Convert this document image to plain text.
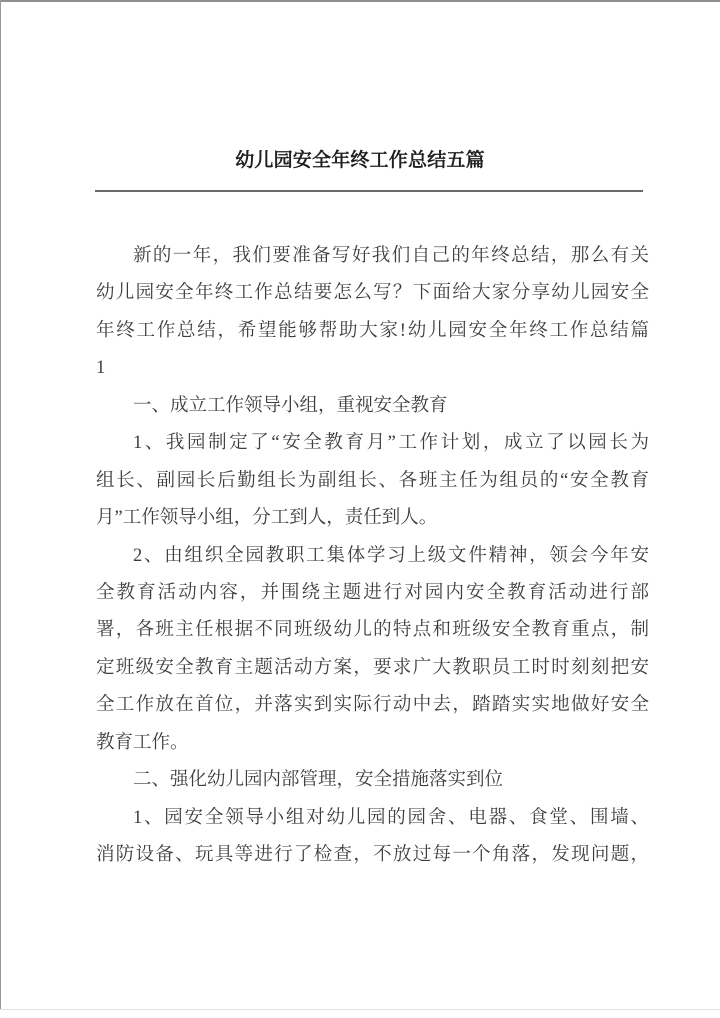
幼儿园安全年终工作总结五篇
新的一年，我们要准备写好我们自己的年终总结，那么有关
幼儿园安全年终工作总结要怎么写？下面给大家分享幼儿园安全
年终工作总结，希望能够帮助大家!幼儿园安全年终工作总结篇
1
一、成立工作领导小组，重视安全教育
1、我园制定了“安全教育月”工作计划，成立了以园长为
组长、副园长后勤组长为副组长、各班主任为组员的“安全教育
月”工作领导小组，分工到人，责任到人。
2、由组织全园教职工集体学习上级文件精神，领会今年安
全教育活动内容，并围绕主题进行对园内安全教育活动进行部
署，各班主任根据不同班级幼儿的特点和班级安全教育重点，制
定班级安全教育主题活动方案，要求广大教职员工时时刻刻把安
全工作放在首位，并落实到实际行动中去，踏踏实实地做好安全
教育工作。
二、强化幼儿园内部管理，安全措施落实到位
1、园安全领导小组对幼儿园的园舍、电器、食堂、围墙、
消防设备、玩具等进行了检查，不放过每一个角落，发现问题，
